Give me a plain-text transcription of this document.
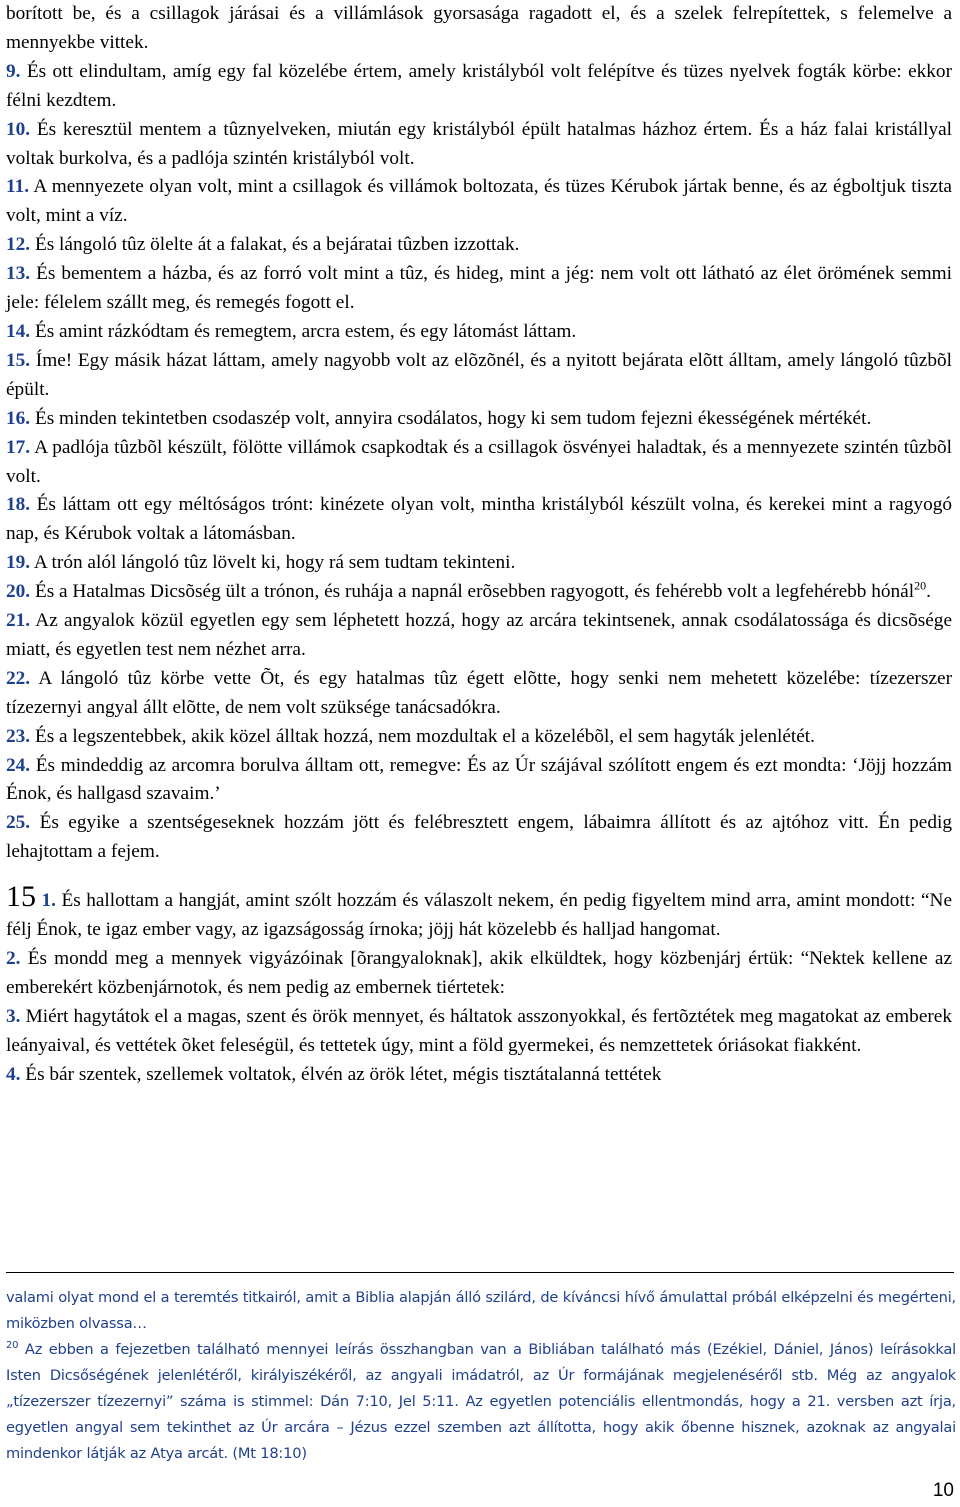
borított be, és a csillagok járásai és a villámlások gyorsasága ragadott el, és a szelek felrepítettek, s felemelve a mennyekbe vittek.

9. És ott elindultam, amíg egy fal közelébe értem, amely kristályból volt felépítve és tüzes nyelvek fogták körbe: ekkor félni kezdtem.

10. És keresztül mentem a tûznyelveken, miután egy kristályból épült hatalmas házhoz értem. És a ház falai kristállyal voltak burkolva, és a padlója szintén kristályból volt.

11. A mennyezete olyan volt, mint a csillagok és villámok boltozata, és tüzes Kérubok jártak benne, és az égboltjuk tiszta volt, mint a víz.

12. És lángoló tûz ölelte át a falakat, és a bejáratai tûzben izzottak.

13. És bementem a házba, és az forró volt mint a tûz, és hideg, mint a jég: nem volt ott látható az élet örömének semmi jele: félelem szállt meg, és remegés fogott el.

14. És amint rázkódtam és remegtem, arcra estem, és egy látomást láttam.

15. Íme! Egy másik házat láttam, amely nagyobb volt az elõzõnél, és a nyitott bejárata elõtt álltam, amely lángoló tûzbõl épült.

16. És minden tekintetben csodaszép volt, annyira csodálatos, hogy ki sem tudom fejezni ékességének mértékét.

17. A padlója tûzbõl készült, fölötte villámok csapkodtak és a csillagok ösvényei haladtak, és a mennyezete szintén tûzbõl volt.

18. És láttam ott egy méltóságos trónt: kinézete olyan volt, mintha kristályból készült volna, és kerekei mint a ragyogó nap, és Kérubok voltak a látomásban.

19. A trón alól lángoló tûz lövelt ki, hogy rá sem tudtam tekinteni.

20. És a Hatalmas Dicsõség ült a trónon, és ruhája a napnál erõsebben ragyogott, és fehérebb volt a legfehérebb hónál$^{20}$.

21. Az angyalok közül egyetlen egy sem léphetett hozzá, hogy az arcára tekintsenek, annak csodálatossága és dicsõsége miatt, és egyetlen test nem nézhet arra.

22. A lángoló tûz körbe vette Õt, és egy hatalmas tûz égett elõtte, hogy senki nem mehetett közelébe: tízezerszer tízezernyi angyal állt elõtte, de nem volt szüksége tanácsadókra.

23. És a legszentebbek, akik közel álltak hozzá, nem mozdultak el a közelébõl, el sem hagyták jelenlétét.

24. És mindeddig az arcomra borulva álltam ott, remegve: És az Úr szájával szólított engem és ezt mondta: ‘Jöjj hozzám Énok, és hallgasd szavaim.’

25. És egyike a szentségeseknek hozzám jött és felébresztett engem, lábaimra állított és az ajtóhoz vitt. Én pedig lehajtottam a fejem.

15 1. És hallottam a hangját, amint szólt hozzám és válaszolt nekem, én pedig figyeltem mind arra, amint mondott: “Ne félj Énok, te igaz ember vagy, az igazságosság írnoka; jöjj hát közelebb és halljad hangomat.

2. És mondd meg a mennyek vigyázóinak [õrangyaloknak], akik elküldtek, hogy közbenjárj értük: “Nektek kellene az emberekért közbenjárnotok, és nem pedig az embernek tiértetek:

3. Miért hagytátok el a magas, szent és örök mennyet, és háltatok asszonyokkal, és fertõztétek meg magatokat az emberek leányaival, és vettétek õket feleségül, és tettetek úgy, mint a föld gyermekei, és nemzettetek óriásokat fiakként.

4. És bár szentek, szellemek voltatok, élvén az örök létet, mégis tisztátalanná tettétek

valami olyat mond el a teremtés titkairól, amit a Biblia alapján álló szilárd, de kíváncsi hívő ámulattal próbál elképzelni és megérteni, miközben olvassa…

$^{20}$ Az ebben a fejezetben található mennyei leírás összhangban van a Bibliában található más (Ezékiel, Dániel, János) leírásokkal Isten Dicsőségének jelenlétéről, királyiszékéről, az angyali imádatról, az Úr formájának megjelenéséről stb. Még az angyalok „tízezerszer tízezernyi” száma is stimmel: Dán 7:10, Jel 5:11. Az egyetlen potenciális ellentmondás, hogy a 21. versben azt írja, egyetlen angyal sem tekinthet az Úr arcára – Jézus ezzel szemben azt állította, hogy akik őbenne hisznek, azoknak az angyalai mindenkor látják az Atya arcát. (Mt 18:10)

10
